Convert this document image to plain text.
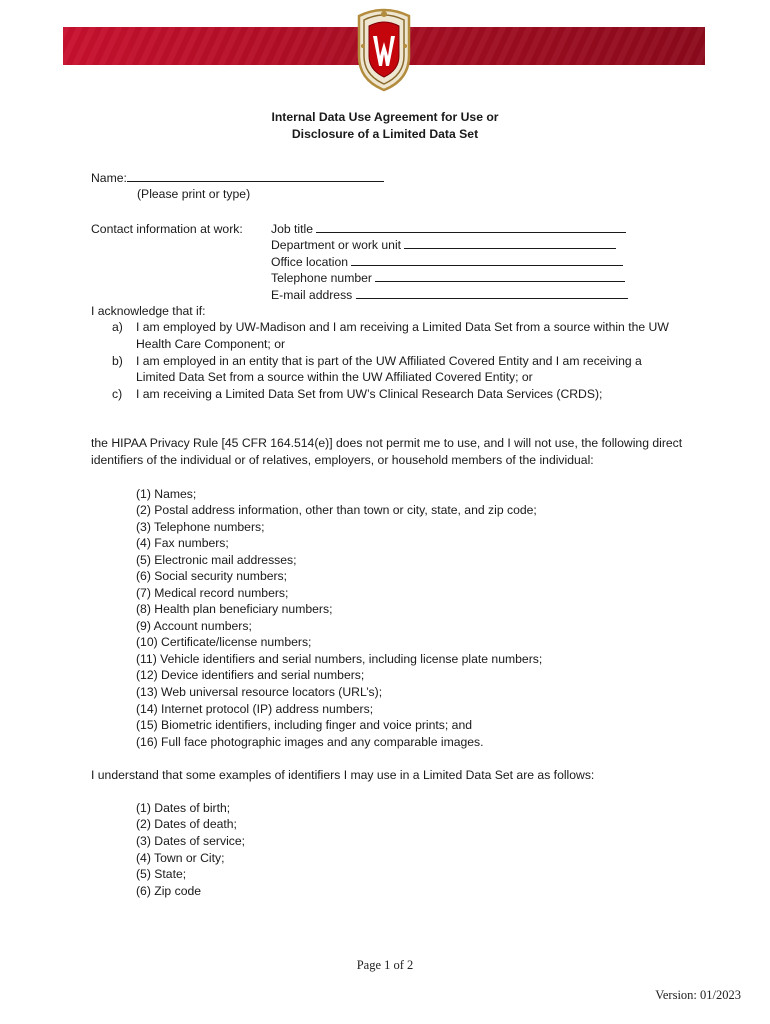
Internal Data Use Agreement for Use or
Disclosure of a Limited Data Set
Name:
(Please print or type)
Contact information at work: Job title
Department or work unit
Office location
Telephone number
E-mail address
I acknowledge that if:
a) I am employed by UW-Madison and I am receiving a Limited Data Set from a source within the UW
Health Care Component; or
b) I am employed in an entity that is part of the UW Affiliated Covered Entity and I am receiving a
Limited Data Set from a source within the UW Affiliated Covered Entity; or
c) I am receiving a Limited Data Set from UW’s Clinical Research Data Services (CRDS);
the HIPAA Privacy Rule [45 CFR 164.514(e)] does not permit me to use, and I will not use, the following direct
identifiers of the individual or of relatives, employers, or household members of the individual:
(1) Names;
(2) Postal address information, other than town or city, state, and zip code;
(3) Telephone numbers;
(4) Fax numbers;
(5) Electronic mail addresses;
(6) Social security numbers;
(7) Medical record numbers;
(8) Health plan beneficiary numbers;
(9) Account numbers;
(10) Certificate/license numbers;
(11) Vehicle identifiers and serial numbers, including license plate numbers;
(12) Device identifiers and serial numbers;
(13) Web universal resource locators (URL’s);
(14) Internet protocol (IP) address numbers;
(15) Biometric identifiers, including finger and voice prints; and
(16) Full face photographic images and any comparable images.
I understand that some examples of identifiers I may use in a Limited Data Set are as follows:
(1) Dates of birth;
(2) Dates of death;
(3) Dates of service;
(4) Town or City;
(5) State;
(6) Zip code
Page 1 of 2
Version: 01/2023
